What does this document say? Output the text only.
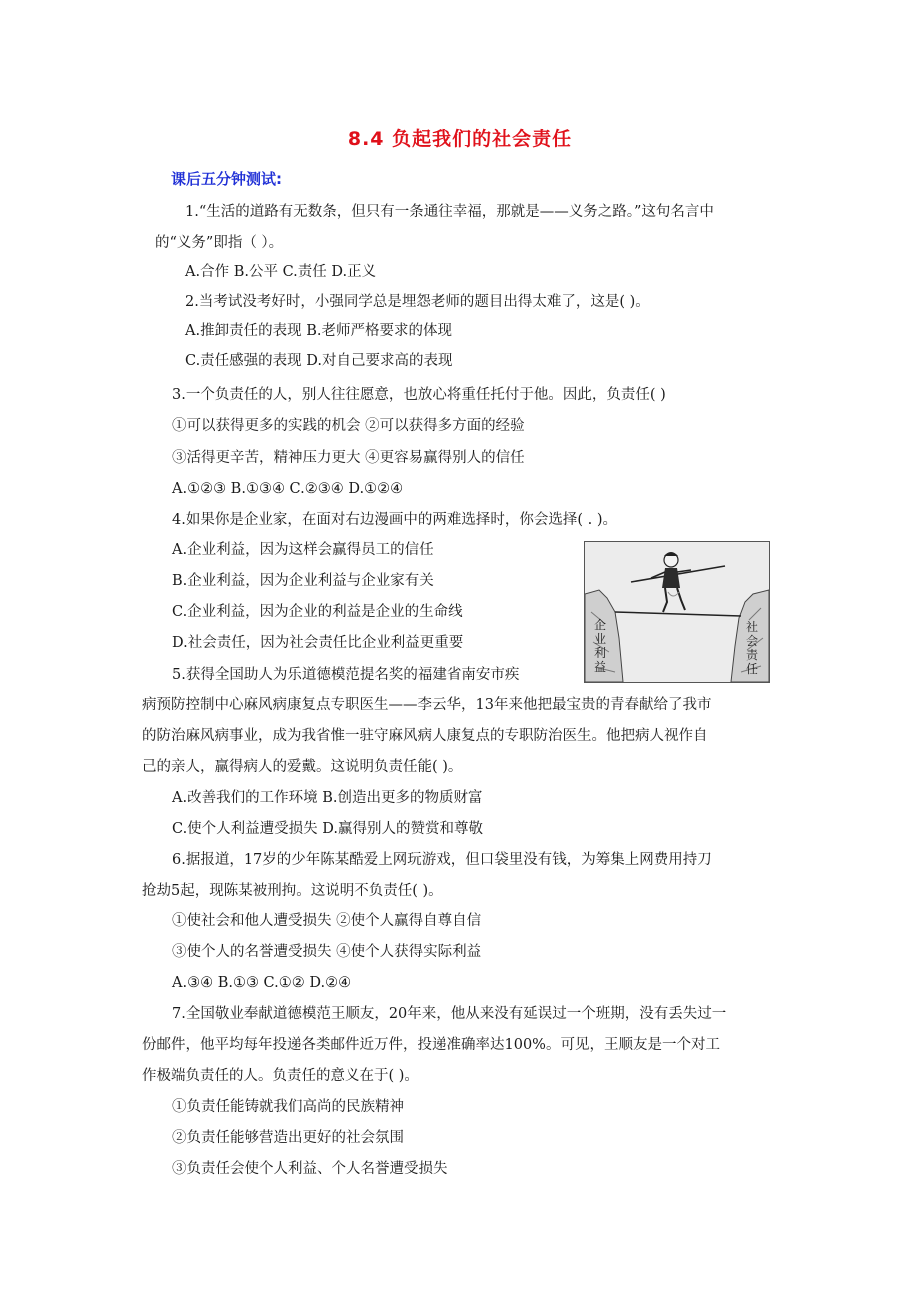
8.4 负起我们的社会责任
课后五分钟测试:
1.“生活的道路有无数条，但只有一条通往幸福，那就是——义务之路。”这句名言中
的“义务”即指（ ）。
A.合作 B.公平 C.责任 D.正义
2.当考试没考好时，小强同学总是埋怨老师的题目出得太难了，这是( )。
A.推卸责任的表现 B.老师严格要求的体现
C.责任感强的表现 D.对自己要求高的表现
3.一个负责任的人，别人往往愿意，也放心将重任托付于他。因此，负责任( )
①可以获得更多的实践的机会 ②可以获得多方面的经验
③活得更辛苦，精神压力更大 ④更容易赢得别人的信任
A.①②③ B.①③④ C.②③④ D.①②④
4.如果你是企业家，在面对右边漫画中的两难选择时，你会选择( . )。
A.企业利益，因为这样会赢得员工的信任
B.企业利益，因为企业利益与企业家有关
C.企业利益，因为企业的利益是企业的生命线
D.社会责任，因为社会责任比企业利益更重要
企业利益
社会责任
5.获得全国助人为乐道德模范提名奖的福建省南安市疾
病预防控制中心麻风病康复点专职医生——李云华，13年来他把最宝贵的青春献给了我市
的防治麻风病事业，成为我省惟一驻守麻风病人康复点的专职防治医生。他把病人视作自
己的亲人，赢得病人的爱戴。这说明负责任能( )。
A.改善我们的工作环境 B.创造出更多的物质财富
C.使个人利益遭受损失 D.赢得别人的赞赏和尊敬
6.据报道，17岁的少年陈某酷爱上网玩游戏，但口袋里没有钱，为筹集上网费用持刀
抢劫5起，现陈某被刑拘。这说明不负责任( )。
①使社会和他人遭受损失 ②使个人赢得自尊自信
③使个人的名誉遭受损失 ④使个人获得实际利益
A.③④ B.①③ C.①② D.②④
7.全国敬业奉献道德模范王顺友，20年来，他从来没有延误过一个班期，没有丢失过一
份邮件，他平均每年投递各类邮件近万件，投递准确率达100%。可见，王顺友是一个对工
作极端负责任的人。负责任的意义在于( )。
①负责任能铸就我们高尚的民族精神
②负责任能够营造出更好的社会氛围
③负责任会使个人利益、个人名誉遭受损失
